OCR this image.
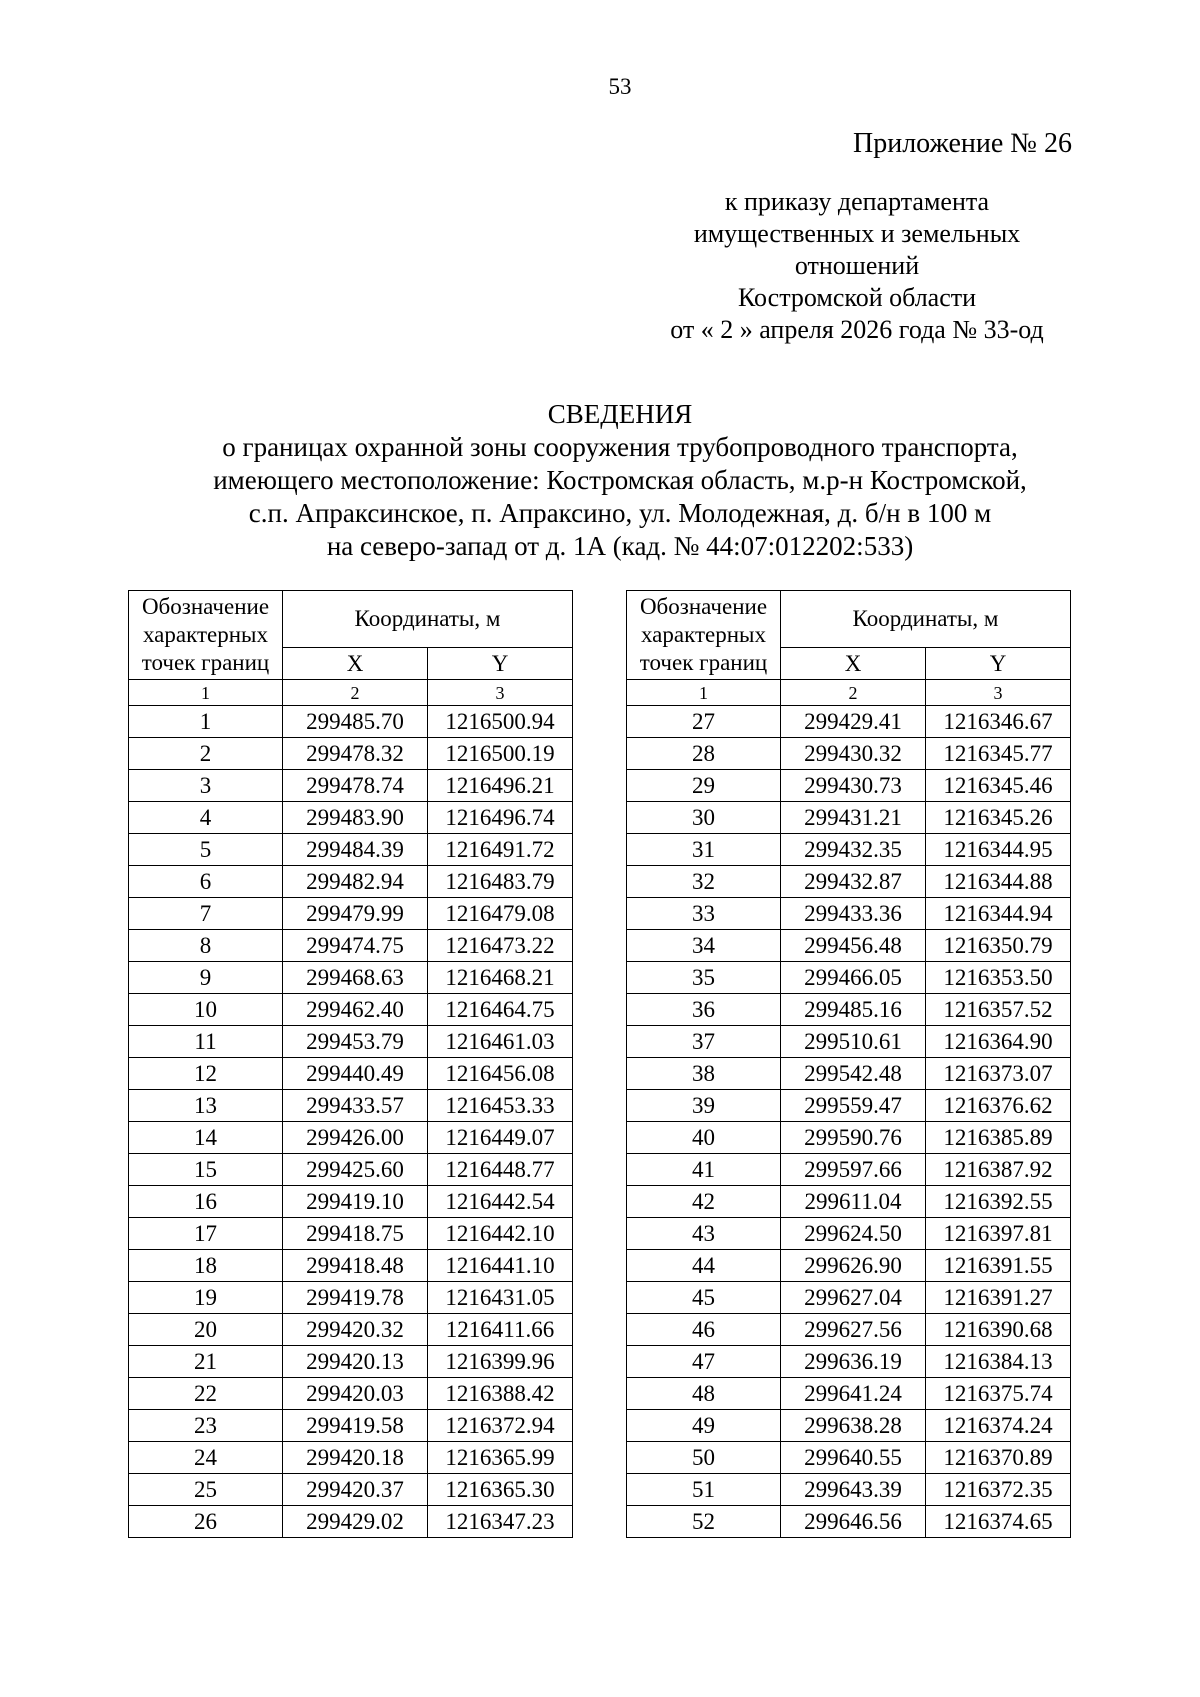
53
Приложение № 26
к приказу департамента
имущественных и земельных
отношений
Костромской области
от « 2 » апреля 2026 года № 33-од
СВЕДЕНИЯ
о границах охранной зоны сооружения трубопроводного транспорта,
имеющего местоположение: Костромская область, м.р-н Костромской,
с.п. Апраксинское, п. Апраксино, ул. Молодежная, д. б/н в 100 м
на северо-запад от д. 1А (кад. № 44:07:012202:533)
Обозначение
характерных
точек границ	Координаты, м	
	X	Y
1	2	3
1	299485.70	1216500.94
2	299478.32	1216500.19
3	299478.74	1216496.21
4	299483.90	1216496.74
5	299484.39	1216491.72
6	299482.94	1216483.79
7	299479.99	1216479.08
8	299474.75	1216473.22
9	299468.63	1216468.21
10	299462.40	1216464.75
11	299453.79	1216461.03
12	299440.49	1216456.08
13	299433.57	1216453.33
14	299426.00	1216449.07
15	299425.60	1216448.77
16	299419.10	1216442.54
17	299418.75	1216442.10
18	299418.48	1216441.10
19	299419.78	1216431.05
20	299420.32	1216411.66
21	299420.13	1216399.96
22	299420.03	1216388.42
23	299419.58	1216372.94
24	299420.18	1216365.99
25	299420.37	1216365.30
26	299429.02	1216347.23
Обозначение
характерных
точек границ	Координаты, м	
	X	Y
1	2	3
27	299429.41	1216346.67
28	299430.32	1216345.77
29	299430.73	1216345.46
30	299431.21	1216345.26
31	299432.35	1216344.95
32	299432.87	1216344.88
33	299433.36	1216344.94
34	299456.48	1216350.79
35	299466.05	1216353.50
36	299485.16	1216357.52
37	299510.61	1216364.90
38	299542.48	1216373.07
39	299559.47	1216376.62
40	299590.76	1216385.89
41	299597.66	1216387.92
42	299611.04	1216392.55
43	299624.50	1216397.81
44	299626.90	1216391.55
45	299627.04	1216391.27
46	299627.56	1216390.68
47	299636.19	1216384.13
48	299641.24	1216375.74
49	299638.28	1216374.24
50	299640.55	1216370.89
51	299643.39	1216372.35
52	299646.56	1216374.65
